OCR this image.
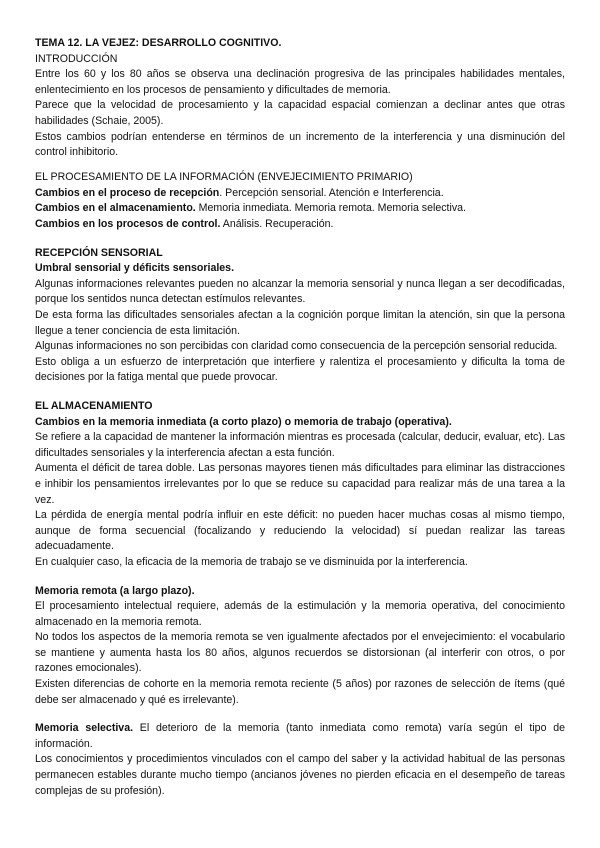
TEMA 12. LA VEJEZ: DESARROLLO COGNITIVO.
INTRODUCCIÓN

Entre los 60 y los 80 años se observa una declinación progresiva de las principales habilidades mentales, enlentecimiento en los procesos de pensamiento y dificultades de memoria.

Parece que la velocidad de procesamiento y la capacidad espacial comienzan a declinar antes que otras habilidades (Schaie, 2005).

Estos cambios podrían entenderse en términos de un incremento de la interferencia y una disminución del control inhibitorio.

EL PROCESAMIENTO DE LA INFORMACIÓN (ENVEJECIMIENTO PRIMARIO)

Cambios en el proceso de recepción. Percepción sensorial. Atención e Interferencia.

Cambios en el almacenamiento. Memoria inmediata. Memoria remota. Memoria selectiva.

Cambios en los procesos de control. Análisis. Recuperación.

RECEPCIÓN SENSORIAL
Umbral sensorial y déficits sensoriales.

Algunas informaciones relevantes pueden no alcanzar la memoria sensorial y nunca llegan a ser decodificadas, porque los sentidos nunca detectan estímulos relevantes.

De esta forma las dificultades sensoriales afectan a la cognición porque limitan la atención, sin que la persona llegue a tener conciencia de esta limitación.

Algunas informaciones no son percibidas con claridad como consecuencia de la percepción sensorial reducida.

Esto obliga a un esfuerzo de interpretación que interfiere y ralentiza el procesamiento y dificulta la toma de decisiones por la fatiga mental que puede provocar.

EL ALMACENAMIENTO
Cambios en la memoria inmediata (a corto plazo) o memoria de trabajo (operativa).

Se refiere a la capacidad de mantener la información mientras es procesada (calcular, deducir, evaluar, etc). Las dificultades sensoriales y la interferencia afectan a esta función.

Aumenta el déficit de tarea doble. Las personas mayores tienen más dificultades para eliminar las distracciones e inhibir los pensamientos irrelevantes por lo que se reduce su capacidad para realizar más de una tarea a la vez.

La pérdida de energía mental podría influir en este déficit: no pueden hacer muchas cosas al mismo tiempo, aunque de forma secuencial (focalizando y reduciendo la velocidad) sí puedan realizar las tareas adecuadamente.

En cualquier caso, la eficacia de la memoria de trabajo se ve disminuida por la interferencia.

Memoria remota (a largo plazo).

El procesamiento intelectual requiere, además de la estimulación y la memoria operativa, del conocimiento almacenado en la memoria remota.

No todos los aspectos de la memoria remota se ven igualmente afectados por el envejecimiento: el vocabulario se mantiene y aumenta hasta los 80 años, algunos recuerdos se distorsionan (al interferir con otros, o por razones emocionales).

Existen diferencias de cohorte en la memoria remota reciente (5 años) por razones de selección de ítems (qué debe ser almacenado y qué es irrelevante).

Memoria selectiva. El deterioro de la memoria (tanto inmediata como remota) varía según el tipo de información.

Los conocimientos y procedimientos vinculados con el campo del saber y la actividad habitual de las personas permanecen estables durante mucho tiempo (ancianos jóvenes no pierden eficacia en el desempeño de tareas complejas de su profesión).
